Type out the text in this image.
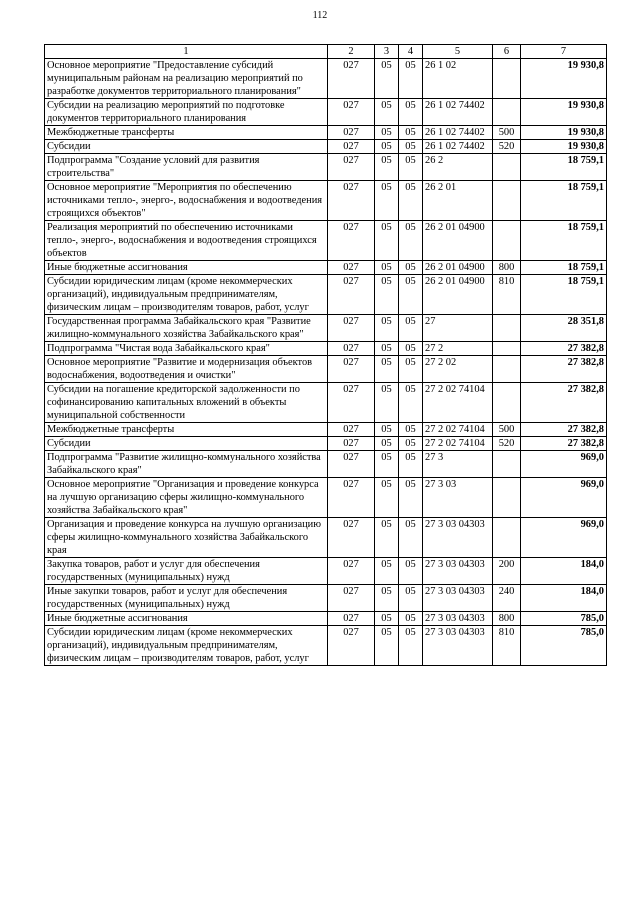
112
1	2	3	4	5	6	7
Основное мероприятие "Предоставление субсидий муниципальным районам на реализацию мероприятий по разработке документов территориального планирования"	027	05	05	26 1 02		19 930,8
Субсидии на реализацию мероприятий по подготовке документов территориального планирования	027	05	05	26 1 02 74402		19 930,8
Межбюджетные трансферты	027	05	05	26 1 02 74402	500	19 930,8
Субсидии	027	05	05	26 1 02 74402	520	19 930,8
Подпрограмма "Создание условий для развития строительства"	027	05	05	26 2		18 759,1
Основное мероприятие "Мероприятия по обеспечению источниками тепло-, энерго-, водоснабжения и водоотведения строящихся объектов"	027	05	05	26 2 01		18 759,1
Реализация мероприятий по обеспечению источниками тепло-, энерго-, водоснабжения и водоотведения строящихся объектов	027	05	05	26 2 01 04900		18 759,1
Иные бюджетные ассигнования	027	05	05	26 2 01 04900	800	18 759,1
Субсидии юридическим лицам (кроме некоммерческих организаций), индивидуальным предпринимателям, физическим лицам – производителям товаров, работ, услуг	027	05	05	26 2 01 04900	810	18 759,1
Государственная программа Забайкальского края "Развитие жилищно-коммунального хозяйства Забайкальского края"	027	05	05	27		28 351,8
Подпрограмма "Чистая вода Забайкальского края"	027	05	05	27 2		27 382,8
Основное мероприятие "Развитие и модернизация объектов водоснабжения, водоотведения и очистки"	027	05	05	27 2 02		27 382,8
Субсидии на погашение кредиторской задолженности по софинансированию капитальных вложений в объекты муниципальной собственности	027	05	05	27 2 02 74104		27 382,8
Межбюджетные трансферты	027	05	05	27 2 02 74104	500	27 382,8
Субсидии	027	05	05	27 2 02 74104	520	27 382,8
Подпрограмма "Развитие жилищно-коммунального хозяйства Забайкальского края"	027	05	05	27 3		969,0
Основное мероприятие "Организация и проведение конкурса на лучшую организацию сферы жилищно-коммунального хозяйства Забайкальского края"	027	05	05	27 3 03		969,0
Организация и проведение конкурса на лучшую организацию сферы жилищно-коммунального хозяйства Забайкальского края	027	05	05	27 3 03 04303		969,0
Закупка товаров, работ и услуг для обеспечения государственных (муниципальных) нужд	027	05	05	27 3 03 04303	200	184,0
Иные закупки товаров, работ и услуг для обеспечения государственных (муниципальных) нужд	027	05	05	27 3 03 04303	240	184,0
Иные бюджетные ассигнования	027	05	05	27 3 03 04303	800	785,0
Субсидии юридическим лицам (кроме некоммерческих организаций), индивидуальным предпринимателям, физическим лицам – производителям товаров, работ, услуг	027	05	05	27 3 03 04303	810	785,0
